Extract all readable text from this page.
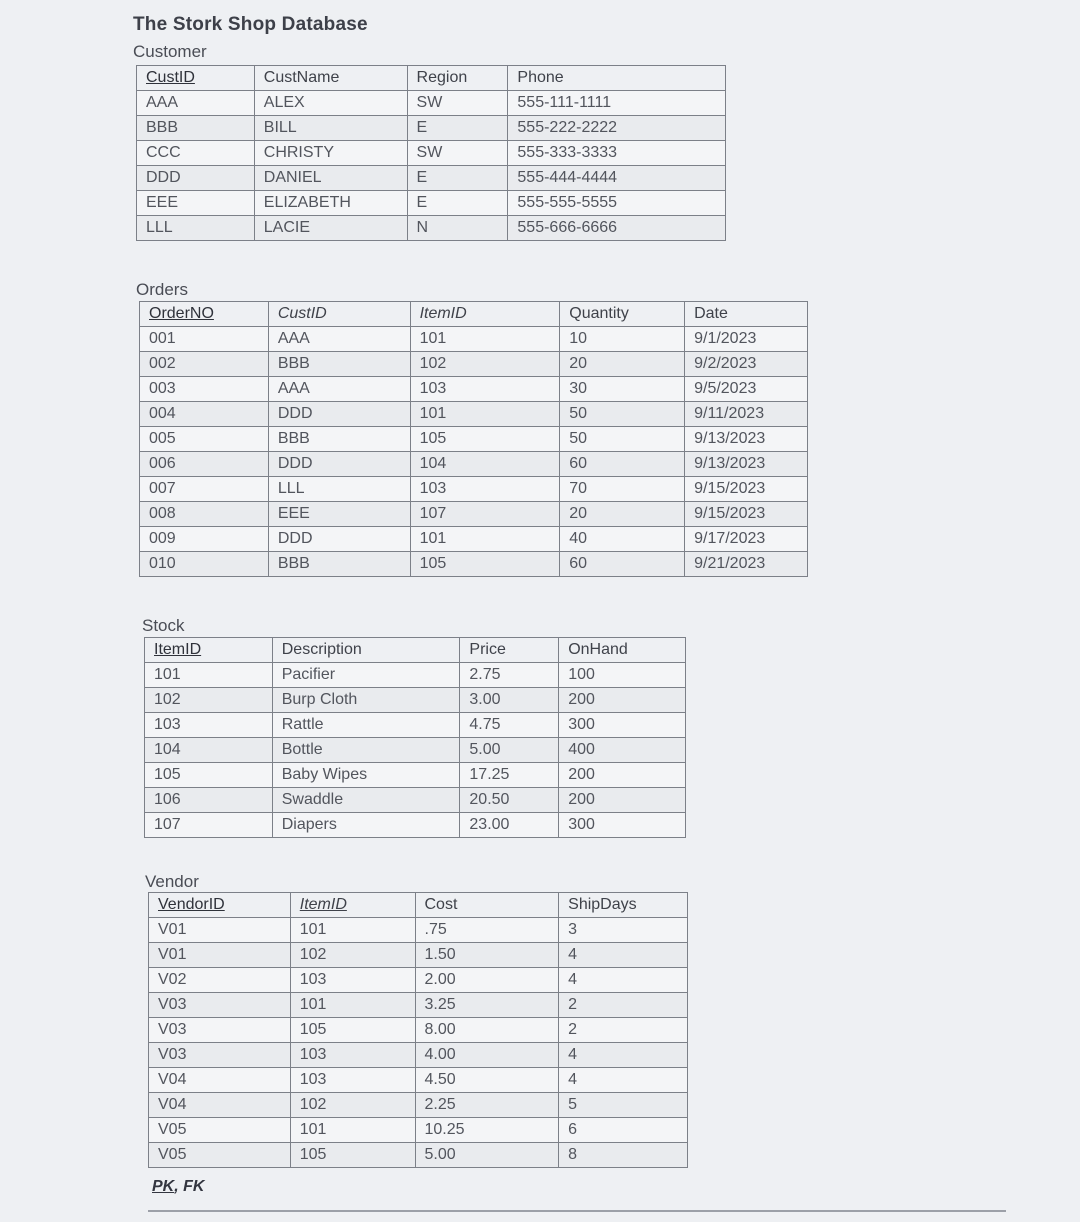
The Stork Shop Database
Customer
CustID	CustName	Region	Phone
AAA	ALEX	SW	555-111-1111
BBB	BILL	E	555-222-2222
CCC	CHRISTY	SW	555-333-3333
DDD	DANIEL	E	555-444-4444
EEE	ELIZABETH	E	555-555-5555
LLL	LACIE	N	555-666-6666
Orders
OrderNO	CustID	ItemID	Quantity	Date
001	AAA	101	10	9/1/2023
002	BBB	102	20	9/2/2023
003	AAA	103	30	9/5/2023
004	DDD	101	50	9/11/2023
005	BBB	105	50	9/13/2023
006	DDD	104	60	9/13/2023
007	LLL	103	70	9/15/2023
008	EEE	107	20	9/15/2023
009	DDD	101	40	9/17/2023
010	BBB	105	60	9/21/2023
Stock
ItemID	Description	Price	OnHand
101	Pacifier	2.75	100
102	Burp Cloth	3.00	200
103	Rattle	4.75	300
104	Bottle	5.00	400
105	Baby Wipes	17.25	200
106	Swaddle	20.50	200
107	Diapers	23.00	300
Vendor
VendorID	ItemID	Cost	ShipDays
V01	101	.75	3
V01	102	1.50	4
V02	103	2.00	4
V03	101	3.25	2
V03	105	8.00	2
V03	103	4.00	4
V04	103	4.50	4
V04	102	2.25	5
V05	101	10.25	6
V05	105	5.00	8
PK, FK
